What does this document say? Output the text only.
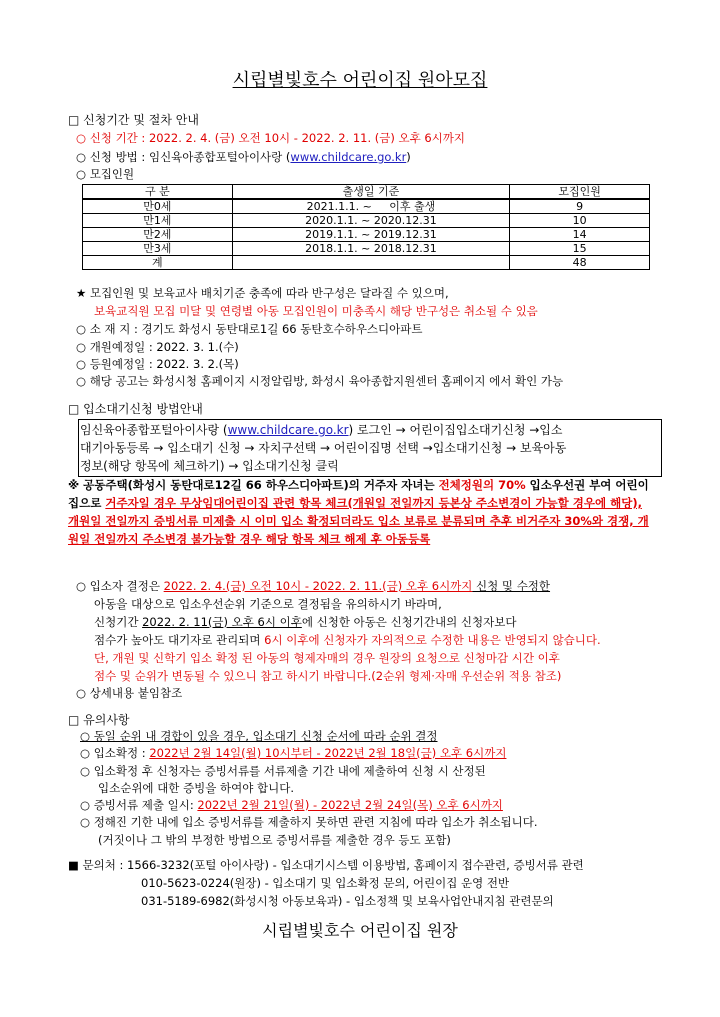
시립별빛호수 어린이집 원아모집
□ 신청기간 및 절차 안내
○ 신청 기간 : 2022. 2. 4. (금) 오전 10시 - 2022. 2. 11. (금) 오후 6시까지
○ 신청 방법 : 임신육아종합포털아이사랑 (www.childcare.go.kr)
○ 모집인원
구 분	출생일 기준	모집인원
만0세	2021.1.1. ~     이후 출생	9
만1세	2020.1.1. ~ 2020.12.31	10
만2세	2019.1.1. ~ 2019.12.31	14
만3세	2018.1.1. ~ 2018.12.31	15
계		48
★ 모집인원 및 보육교사 배치기준 충족에 따라 반구성은 달라질 수 있으며,
보육교직원 모집 미달 및 연령별 아동 모집인원이 미충족시 해당 반구성은 취소될 수 있음
○ 소 재 지 : 경기도 화성시 동탄대로1길 66 동탄호수하우스디아파트
○ 개원예정일 : 2022. 3. 1.(수)
○ 등원예정일 : 2022. 3. 2.(목)
○ 해당 공고는 화성시청 홈페이지 시정알림방, 화성시 육아종합지원센터 홈페이지 에서 확인 가능
□ 입소대기신청 방법안내
임신육아종합포털아이사랑 (www.childcare.go.kr) 로그인 → 어린이집입소대기신청 →입소
대기아동등록 → 입소대기 신청 → 자치구선택 → 어린이집명 선택 →입소대기신청 → 보육아동
정보(해당 항목에 체크하기) → 입소대기신청 클릭
※ 공동주택(화성시 동탄대로12길 66 하우스디아파트)의 거주자 자녀는 전체정원의 70% 입소우선권 부여 어린이집으로 거주자일 경우 무상임대어린이집 관련 항목 체크(개원일 전일까지 등본상 주소변경이 가능할 경우에 해당), 개원일 전일까지 증빙서류 미제출 시 이미 입소 확정되더라도 입소 보류로 분류되며 추후 비거주자 30%와 경쟁, 개원일 전일까지 주소변경 불가능할 경우 해당 항목 체크 해제 후 아동등록
○ 입소자 결정은 2022. 2. 4.(금) 오전 10시 - 2022. 2. 11.(금) 오후 6시까지 신청 및 수정한
아동을 대상으로 입소우선순위 기준으로 결정됨을 유의하시기 바라며,
신청기간 2022. 2. 11(금) 오후 6시 이후에 신청한 아동은 신청기간내의 신청자보다
점수가 높아도 대기자로 관리되며 6시 이후에 신청자가 자의적으로 수정한 내용은 반영되지 않습니다.
단, 개원 및 신학기 입소 확정 된 아동의 형제자매의 경우 원장의 요청으로 신청마감 시간 이후
점수 및 순위가 변동될 수 있으니 참고 하시기 바랍니다.(2순위 형제‧자매 우선순위 적용 참조)
○ 상세내용 붙임참조
□ 유의사항
○ 동일 순위 내 경합이 있을 경우, 입소대기 신청 순서에 따라 순위 결정
○ 입소확정 : 2022년 2월 14일(월) 10시부터 - 2022년 2월 18일(금) 오후 6시까지
○ 입소확정 후 신청자는 증빙서류를 서류제출 기간 내에 제출하여 신청 시 산정된
입소순위에 대한 증빙을 하여야 합니다.
○ 증빙서류 제출 일시: 2022년 2월 21일(월) - 2022년 2월 24일(목) 오후 6시까지
○ 정해진 기한 내에 입소 증빙서류를 제출하지 못하면 관련 지침에 따라 입소가 취소됩니다.
(거짓이나 그 밖의 부정한 방법으로 증빙서류를 제출한 경우 등도 포함)
■ 문의처 : 1566-3232(포털 아이사랑) - 입소대기시스템 이용방법, 홈페이지 접수관련, 증빙서류 관련
010-5623-0224(원장) - 입소대기 및 입소확정 문의, 어린이집 운영 전반
031-5189-6982(화성시청 아동보육과) - 입소정책 및 보육사업안내지침 관련문의
시립별빛호수 어린이집 원장
